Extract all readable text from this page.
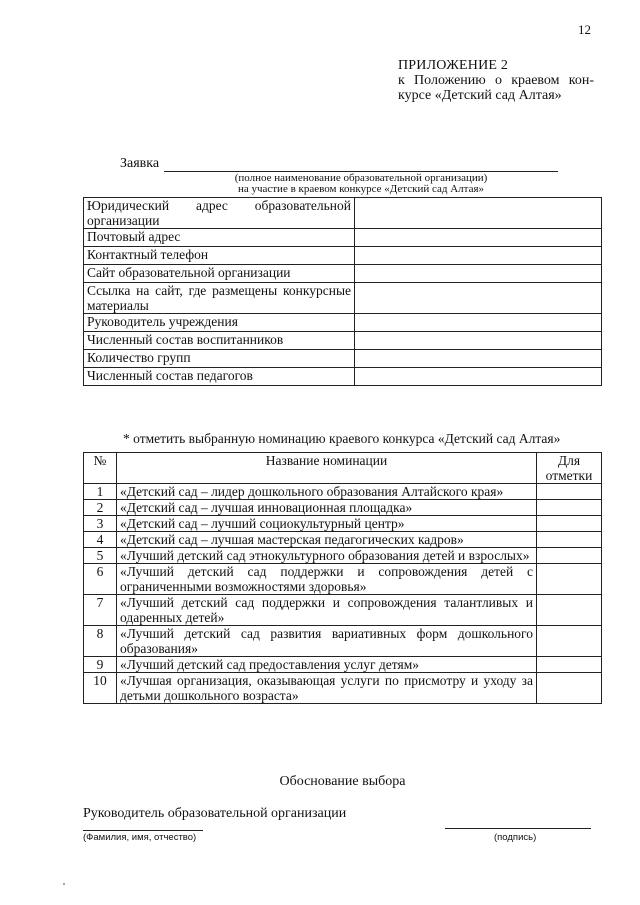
12
ПРИЛОЖЕНИЕ 2
к Положению о краевом кон-
курсе «Детский сад Алтая»
Заявка
(полное наименование образовательной организации)
на участие в краевом конкурсе «Детский сад Алтая»
Юридический адрес образовательной организации	
Почтовый адрес	
Контактный телефон	
Сайт образовательной организации	
Ссылка на сайт, где размещены конкурсные материалы	
Руководитель учреждения	
Численный состав воспитанников	
Количество групп	
Численный состав педагогов	
* отметить выбранную номинацию краевого конкурса «Детский сад Алтая»
№	Название номинации	Для отметки
1	«Детский сад – лидер дошкольного образования Алтайского края»	
2	«Детский сад – лучшая инновационная площадка»	
3	«Детский сад – лучший социокультурный центр»	
4	«Детский сад – лучшая мастерская педагогических кадров»	
5	«Лучший детский сад этнокультурного образования детей и взрослых»	
6	«Лучший детский сад поддержки и сопровождения детей с ограниченными возможностями здоровья»	
7	«Лучший детский сад поддержки и сопровождения талантливых и одаренных детей»	
8	«Лучший детский сад развития вариативных форм дошкольного образования»	
9	«Лучший детский сад предоставления услуг детям»	
10	«Лучшая организация, оказывающая услуги по присмотру и уходу за детьми дошкольного возраста»	
Обоснование выбора
Руководитель образовательной организации
(Фамилия, имя, отчество)	(подпись)
